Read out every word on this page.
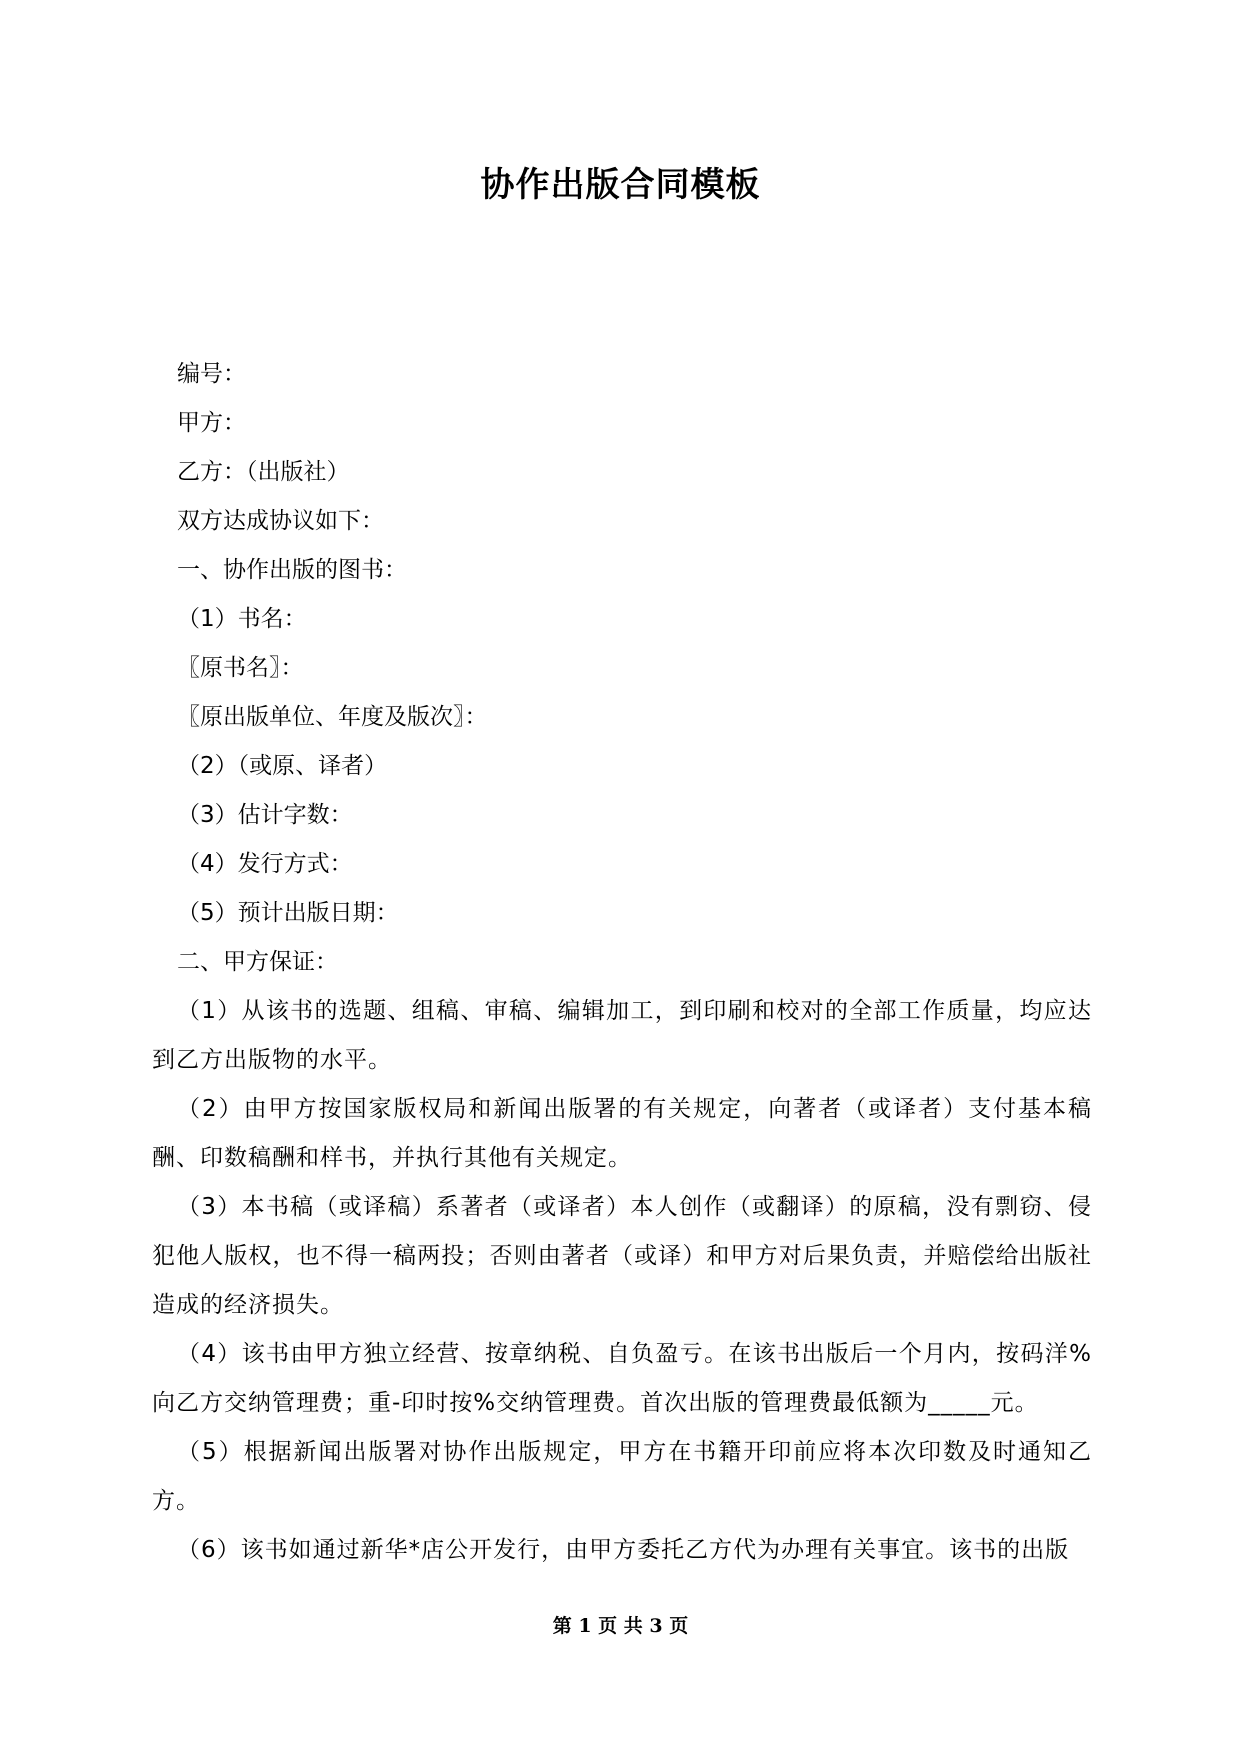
协作出版合同模板

编号：

甲方：

乙方：（出版社）

双方达成协议如下：

一、协作出版的图书：

（1）书名：

〖原书名〗：

〖原出版单位、年度及版次〗：

（2）（或原、译者）

（3）估计字数：

（4）发行方式：

（5）预计出版日期：

二、甲方保证：

（1）从该书的选题、组稿、审稿、编辑加工，到印刷和校对的全部工作质量，均应达到乙方出版物的水平。

（2）由甲方按国家版权局和新闻出版署的有关规定，向著者（或译者）支付基本稿酬、印数稿酬和样书，并执行其他有关规定。

（3）本书稿（或译稿）系著者（或译者）本人创作（或翻译）的原稿，没有剽窃、侵犯他人版权，也不得一稿两投；否则由著者（或译）和甲方对后果负责，并赔偿给出版社造成的经济损失。

（4）该书由甲方独立经营、按章纳税、自负盈亏。在该书出版后一个月内，按码洋%向乙方交纳管理费；重-印时按%交纳管理费。首次出版的管理费最低额为_____元。

（5）根据新闻出版署对协作出版规定，甲方在书籍开印前应将本次印数及时通知乙方。

（6）该书如通过新华*店公开发行，由甲方委托乙方代为办理有关事宜。该书的出版

第 1 页 共 3 页
